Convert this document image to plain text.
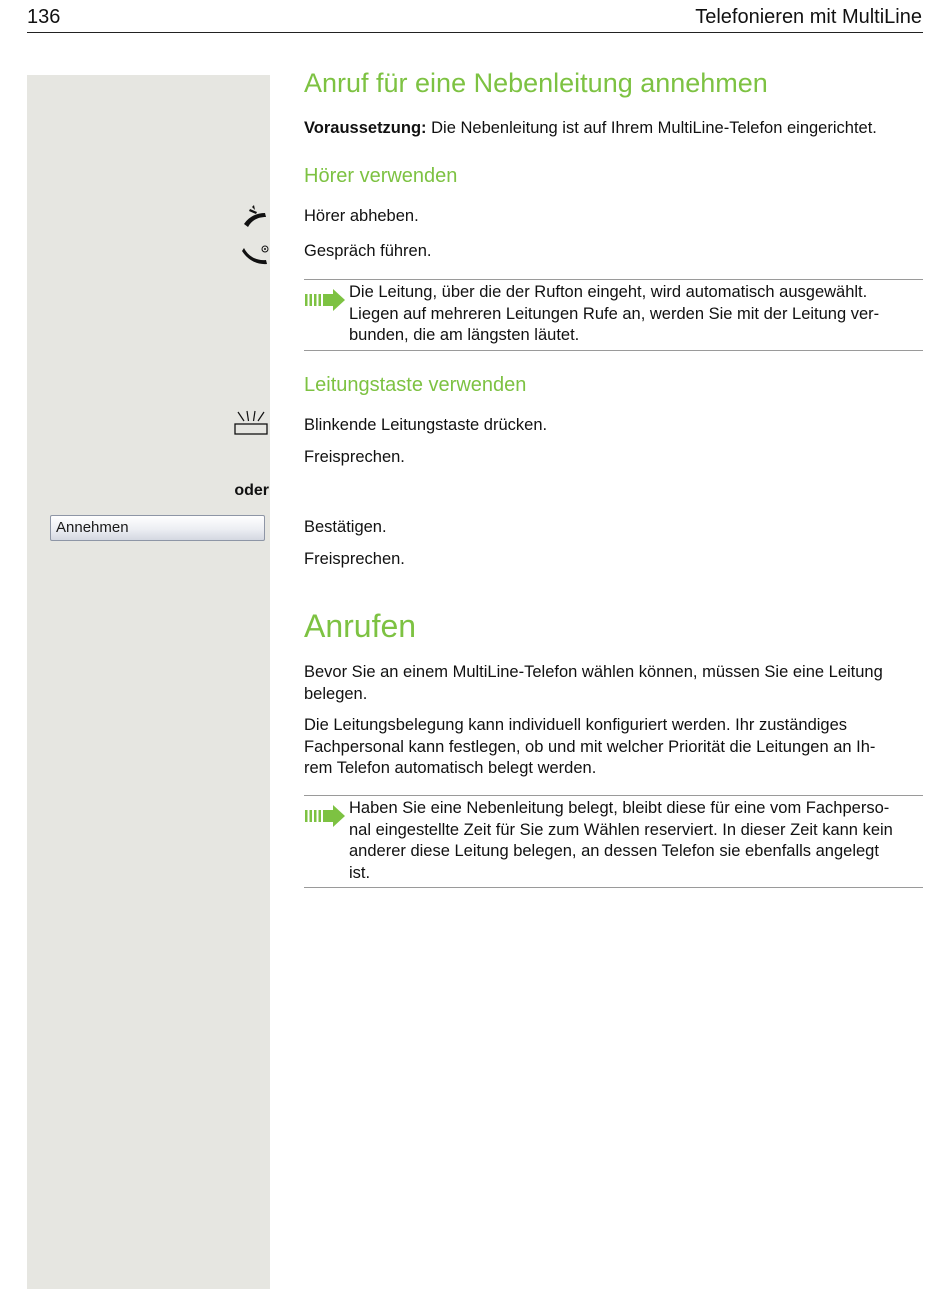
136	Telefonieren mit MultiLine
Anruf für eine Nebenleitung annehmen
Voraussetzung: Die Nebenleitung ist auf Ihrem MultiLine-Telefon eingerichtet.
Hörer verwenden
Hörer abheben.
Gespräch führen.
Die Leitung, über die der Rufton eingeht, wird automatisch ausgewählt.
Liegen auf mehreren Leitungen Rufe an, werden Sie mit der Leitung ver-
bunden, die am längsten läutet.
Leitungstaste verwenden
Blinkende Leitungstaste drücken.
Freisprechen.
oder
Annehmen	Bestätigen.
Freisprechen.
Anrufen
Bevor Sie an einem MultiLine-Telefon wählen können, müssen Sie eine Leitung
belegen.
Die Leitungsbelegung kann individuell konfiguriert werden. Ihr zuständiges
Fachpersonal kann festlegen, ob und mit welcher Priorität die Leitungen an Ih-
rem Telefon automatisch belegt werden.
Haben Sie eine Nebenleitung belegt, bleibt diese für eine vom Fachperso-
nal eingestellte Zeit für Sie zum Wählen reserviert. In dieser Zeit kann kein
anderer diese Leitung belegen, an dessen Telefon sie ebenfalls angelegt
ist.
